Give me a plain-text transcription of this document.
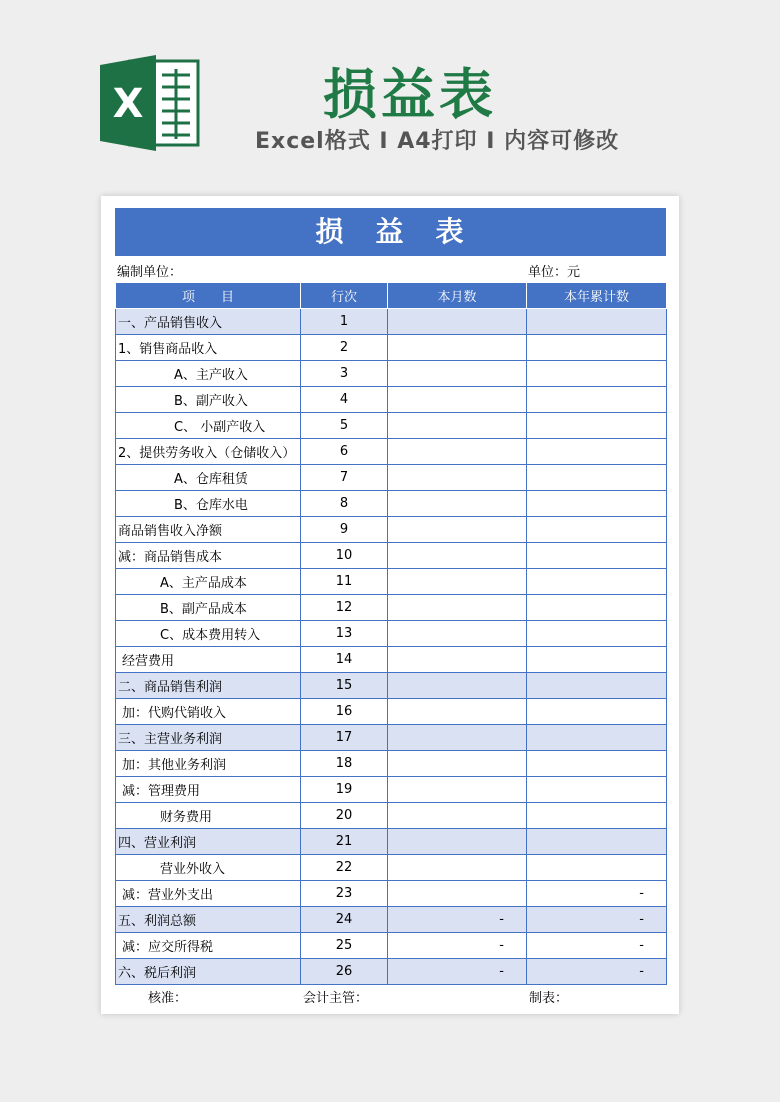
X	损益表
Excel格式 I A4打印 I 内容可修改
损　益　表
编制单位：	单位：元
项　　目	行次	本月数	本年累计数
一、产品销售收入	1		
1、销售商品收入	2		
A、主产收入	3		
B、副产收入	4		
C、 小副产收入	5		
2、提供劳务收入（仓储收入）	6		
A、仓库租赁	7		
B、仓库水电	8		
商品销售收入净额	9		
减：商品销售成本	10		
A、主产品成本	11		
B、副产品成本	12		
C、成本费用转入	13		
经营费用	14		
二、商品销售利润	15		
加：代购代销收入	16		
三、主营业务利润	17		
加：其他业务利润	18		
减：管理费用	19		
财务费用	20		
四、营业利润	21		
营业外收入	22		
减：营业外支出	23		-
五、利润总额	24	-	-
减：应交所得税	25	-	-
六、税后利润	26	-	-
核准：	会计主管：	制表：
